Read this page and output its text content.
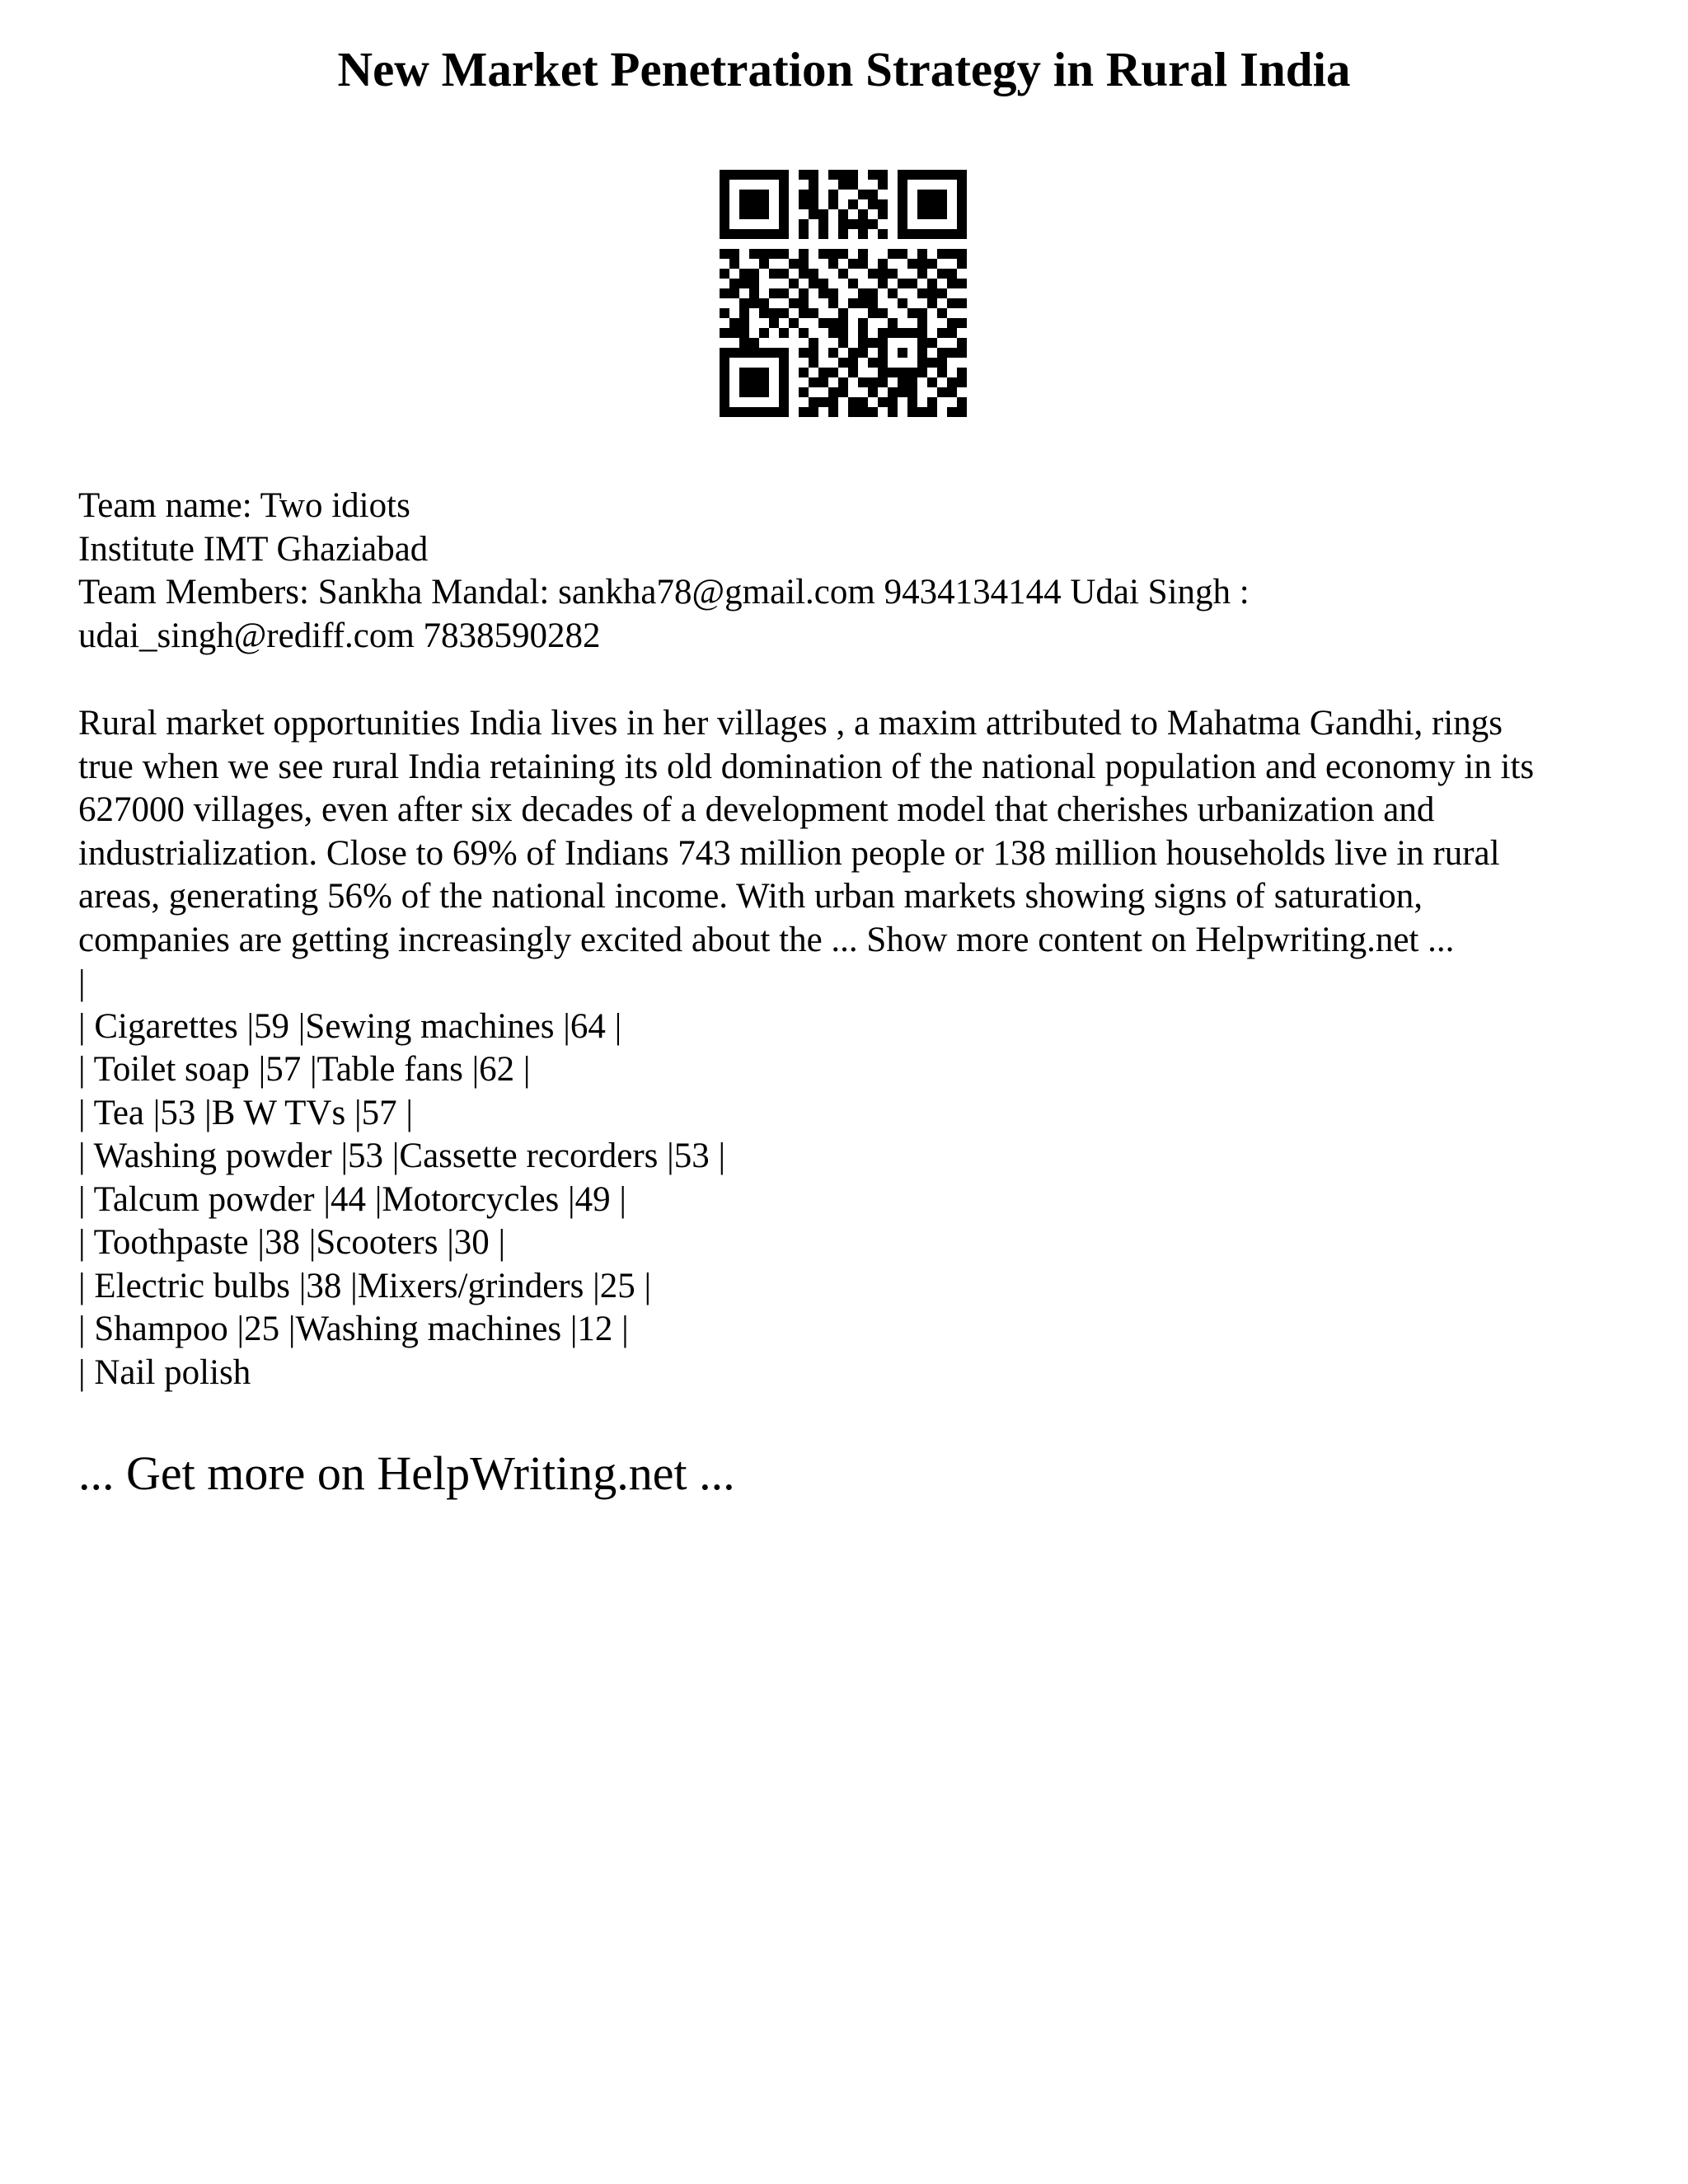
New Market Penetration Strategy in Rural India
Team name: Two idiots
Institute IMT Ghaziabad
Team Members: Sankha Mandal: sankha78@gmail.com 9434134144 Udai Singh :
udai_singh@rediff.com 7838590282
Rural market opportunities India lives in her villages , a maxim attributed to Mahatma Gandhi, rings
true when we see rural India retaining its old domination of the national population and economy in its
627000 villages, even after six decades of a development model that cherishes urbanization and
industrialization. Close to 69% of Indians 743 million people or 138 million households live in rural
areas, generating 56% of the national income. With urban markets showing signs of saturation,
companies are getting increasingly excited about the ... Show more content on Helpwriting.net ...
|
| Cigarettes |59 |Sewing machines |64 |
| Toilet soap |57 |Table fans |62 |
| Tea |53 |B W TVs |57 |
| Washing powder |53 |Cassette recorders |53 |
| Talcum powder |44 |Motorcycles |49 |
| Toothpaste |38 |Scooters |30 |
| Electric bulbs |38 |Mixers/grinders |25 |
| Shampoo |25 |Washing machines |12 |
| Nail polish

... Get more on HelpWriting.net ...
